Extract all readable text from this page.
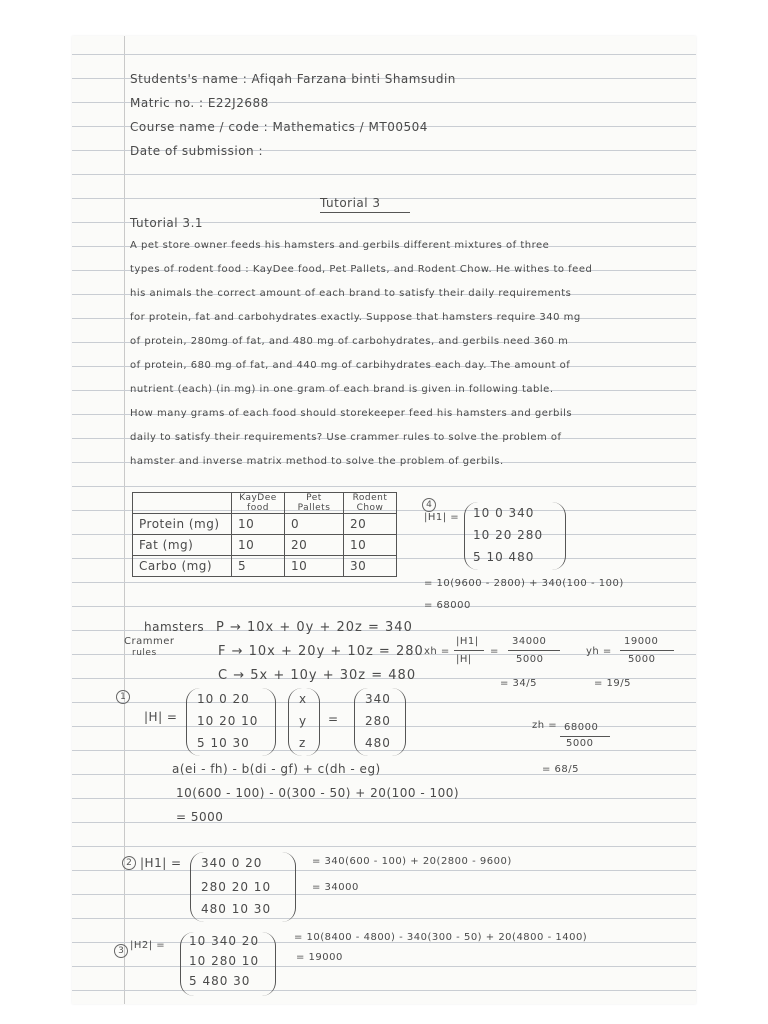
Students's name : Afiqah Farzana binti Shamsudin
Matric no. : E22J2688
Course name / code : Mathematics / MT00504
Date of submission :
Tutorial 3
Tutorial 3.1
A pet store owner feeds his hamsters and gerbils different mixtures of three
types of rodent food : KayDee food, Pet Pallets, and Rodent Chow. He withes to feed
his animals the correct amount of each brand to satisfy their daily requirements
for protein, fat and carbohydrates exactly. Suppose that hamsters require 340 mg
of protein, 280mg of fat, and 480 mg of carbohydrates, and gerbils need 360 m
of protein, 680 mg of fat, and 440 mg of carbihydrates each day. The amount of
nutrient (each) (in mg) in one gram of each brand is given in following table.
How many grams of each food should storekeeper feed his hamsters and gerbils
daily to satisfy their requirements? Use crammer rules to solve the problem of
hamster and inverse matrix method to solve the problem of gerbils.
	KayDee food	Pet Pallets	Rodent Chow
Protein (mg)	10	0	20
Fat (mg)	10	20	10
Carbo (mg)	5	10	30
4
|H1| = 10 0 340
10 20 280
5 10 480
= 10(9600 - 2800) + 340(100 - 100)
= 68000
Crammer
rules
hamsters P → 10x + 0y + 20z = 340
F → 10x + 20y + 10z = 280
C → 5x + 10y + 30z = 480
xh =
|H1|
|H|
=
34000
5000
= 34/5
yh =
19000
5000
= 19/5
zh = 68000
5000
= 68/5
1
|H| =
10 0 20
10 20 10
5 10 30
x
y
z
=
340
280
480
a(ei - fh) - b(di - gf) + c(dh - eg)
10(600 - 100) - 0(300 - 50) + 20(100 - 100)
= 5000
2 |H1| = 340 0 20
280 20 10
480 10 30
= 340(600 - 100) + 20(2800 - 9600)
= 34000
3 |H2| = 10 340 20
10 280 10
5 480 30
= 10(8400 - 4800) - 340(300 - 50) + 20(4800 - 1400)
= 19000
